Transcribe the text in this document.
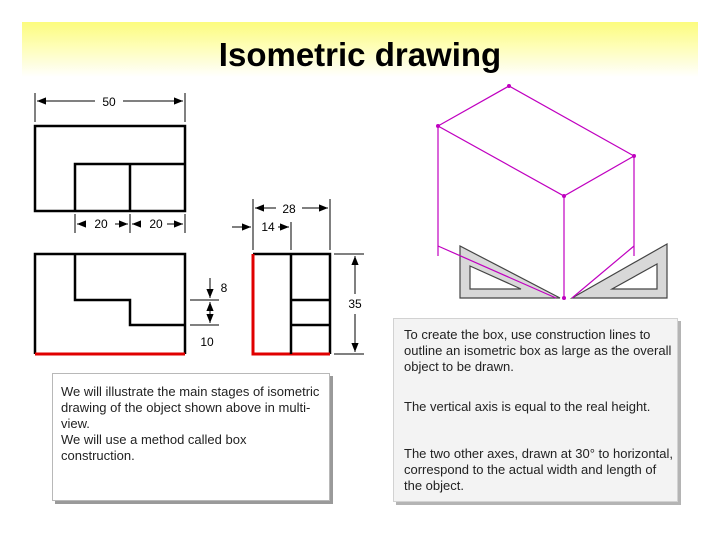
Isometric drawing
50
20	20
8
10
28
14
35

We will illustrate the main stages of isometric drawing of the object shown above in multi-view.

We will use a method called box construction.

To create the box, use construction lines to outline an isometric box as large as the overall object to be drawn.

The vertical axis is equal to the real height.

The two other axes, drawn at 30° to horizontal, correspond to the actual width and length of the object.
